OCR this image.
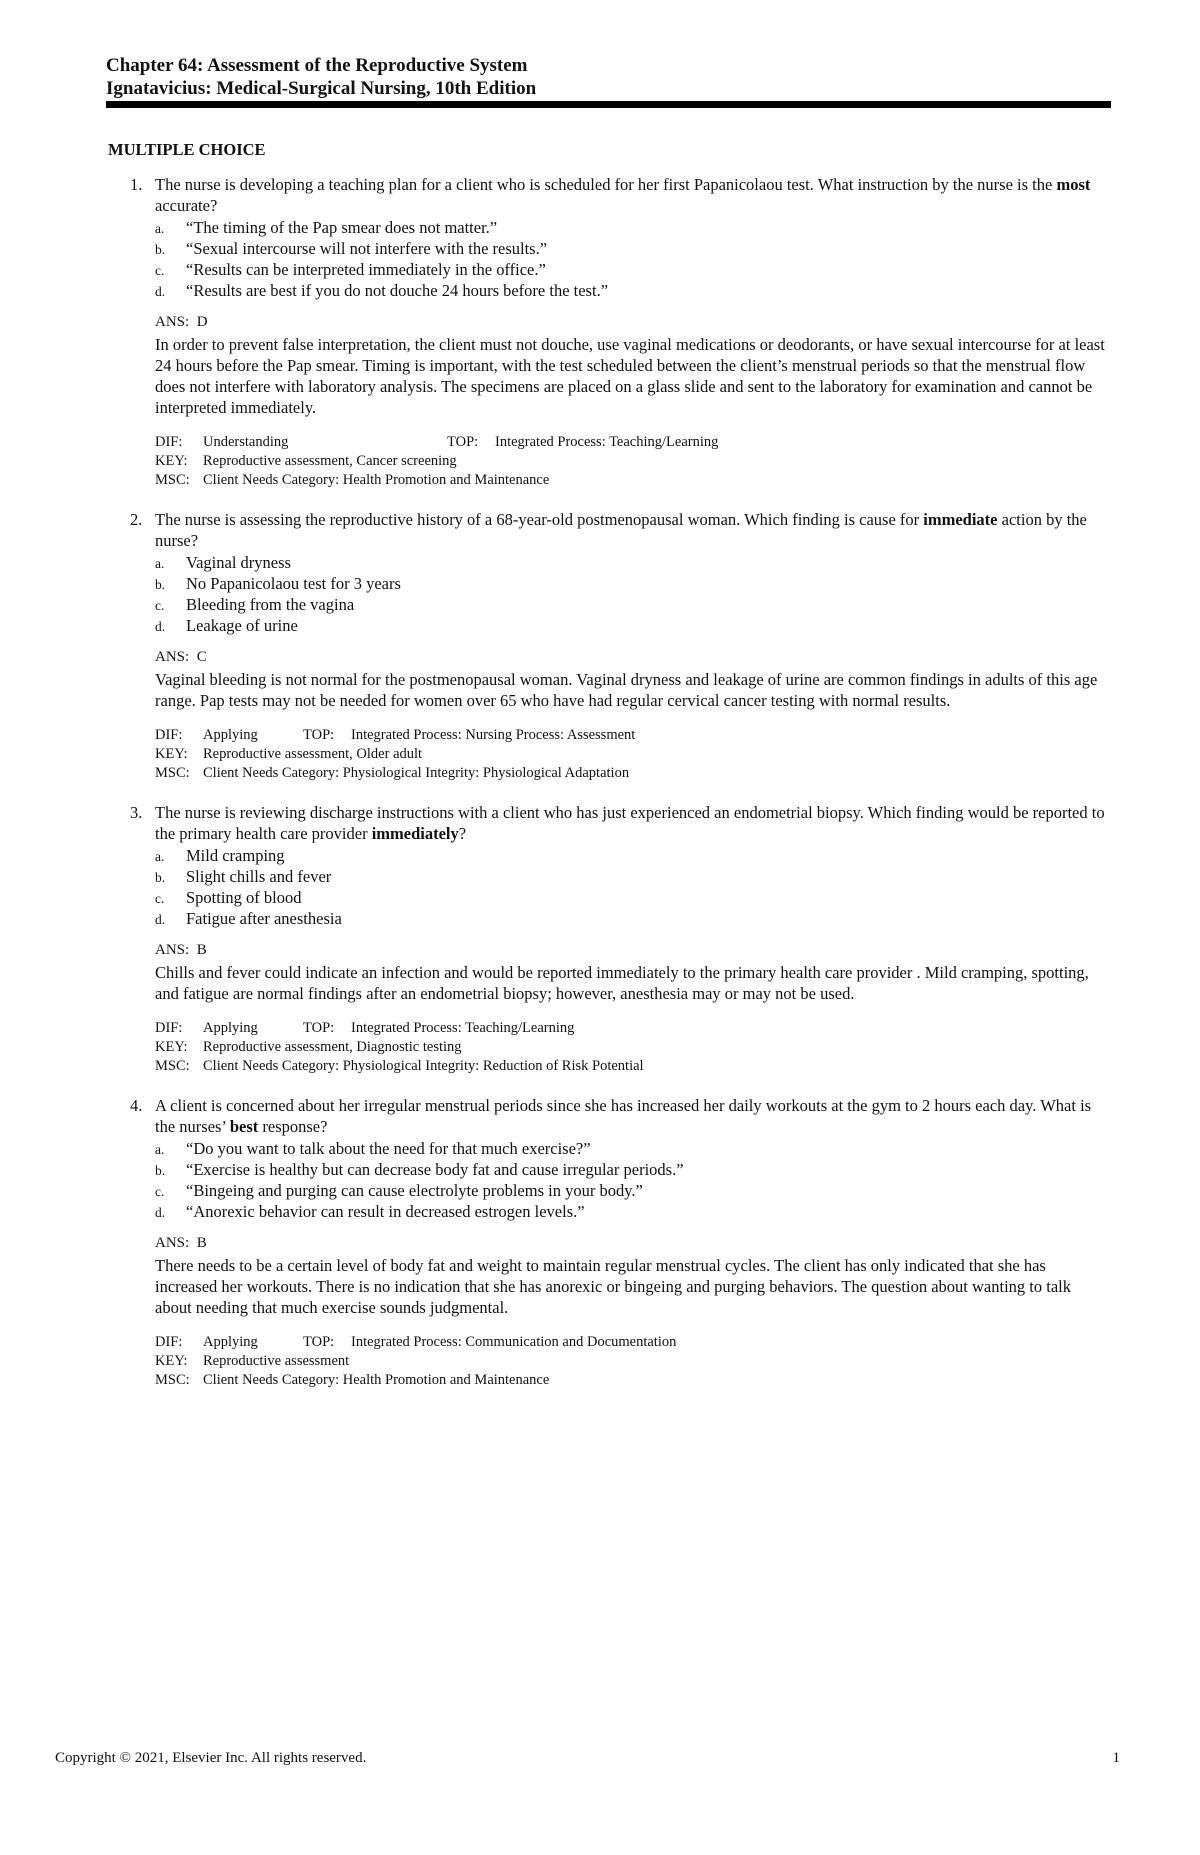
Chapter 64: Assessment of the Reproductive System
Ignatavicius: Medical-Surgical Nursing, 10th Edition
MULTIPLE CHOICE
1. The nurse is developing a teaching plan for a client who is scheduled for her first Papanicolaou test. What instruction by the nurse is the most accurate?

a. “The timing of the Pap smear does not matter.”
b. “Sexual intercourse will not interfere with the results.”
c. “Results can be interpreted immediately in the office.”
d. “Results are best if you do not douche 24 hours before the test.”
ANS: D

In order to prevent false interpretation, the client must not douche, use vaginal medications or deodorants, or have sexual intercourse for at least 24 hours before the Pap smear. Timing is important, with the test scheduled between the client’s menstrual periods so that the menstrual flow does not interfere with laboratory analysis. The specimens are placed on a glass slide and sent to the laboratory for examination and cannot be interpreted immediately.

DIF:	Understanding	TOP:	Integrated Process: Teaching/Learning
KEY:	Reproductive assessment, Cancer screening
MSC: Client Needs Category: Health Promotion and Maintenance
2. The nurse is assessing the reproductive history of a 68-year-old postmenopausal woman. Which finding is cause for immediate action by the nurse?

a. Vaginal dryness
b. No Papanicolaou test for 3 years
c. Bleeding from the vagina
d. Leakage of urine
ANS: C

Vaginal bleeding is not normal for the postmenopausal woman. Vaginal dryness and leakage of urine are common findings in adults of this age range. Pap tests may not be needed for women over 65 who have had regular cervical cancer testing with normal results.

DIF:	Applying	TOP:	Integrated Process: Nursing Process: Assessment
KEY:	Reproductive assessment, Older adult
MSC: Client Needs Category: Physiological Integrity: Physiological Adaptation
3. The nurse is reviewing discharge instructions with a client who has just experienced an endometrial biopsy. Which finding would be reported to the primary health care provider immediately?

a. Mild cramping
b. Slight chills and fever
c. Spotting of blood
d. Fatigue after anesthesia
ANS: B

Chills and fever could indicate an infection and would be reported immediately to the primary health care provider . Mild cramping, spotting, and fatigue are normal findings after an endometrial biopsy; however, anesthesia may or may not be used.

DIF:	Applying	TOP:	Integrated Process: Teaching/Learning
KEY:	Reproductive assessment, Diagnostic testing
MSC: Client Needs Category: Physiological Integrity: Reduction of Risk Potential
4. A client is concerned about her irregular menstrual periods since she has increased her daily workouts at the gym to 2 hours each day. What is the nurses’ best response?

a. “Do you want to talk about the need for that much exercise?”
b. “Exercise is healthy but can decrease body fat and cause irregular periods.”
c. “Bingeing and purging can cause electrolyte problems in your body.”
d. “Anorexic behavior can result in decreased estrogen levels.”
ANS: B

There needs to be a certain level of body fat and weight to maintain regular menstrual cycles. The client has only indicated that she has increased her workouts. There is no indication that she has anorexic or bingeing and purging behaviors. The question about wanting to talk about needing that much exercise sounds judgmental.

DIF:	Applying	TOP:	Integrated Process: Communication and Documentation
KEY:	Reproductive assessment
MSC: Client Needs Category: Health Promotion and Maintenance
Copyright © 2021, Elsevier Inc. All rights reserved.	1
